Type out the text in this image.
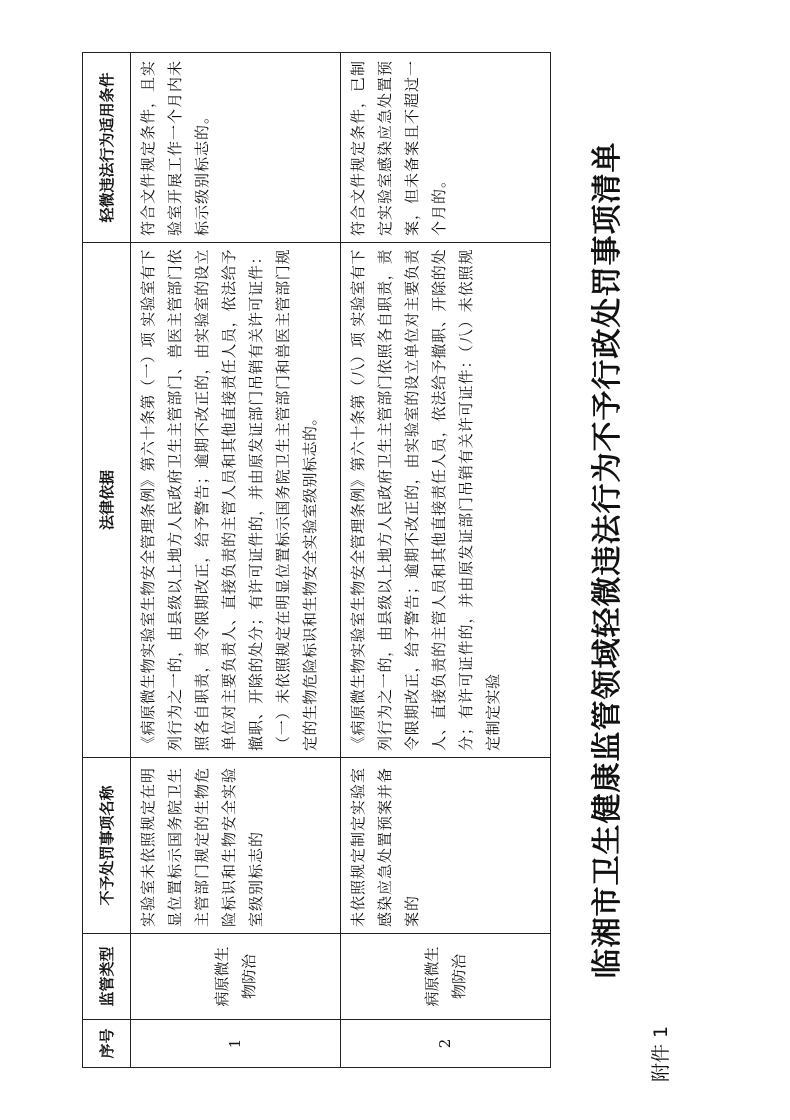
附件 1
临湘市卫生健康监管领域轻微违法行为不予行政处罚事项清单
序号	监管类型	不予处罚事项名称	法律依据	轻微违法行为适用条件
1	病原微生物防治	实验室未依照规定在明显位置标示国务院卫生主管部门规定的生物危险标识和生物安全实验室级别标志的	《病原微生物实验室生物安全管理条例》第六十条第（一）项 实验室有下列行为之一的，由县级以上地方人民政府卫生主管部门、兽医主管部门依照各自职责，责令限期改正，给予警告；逾期不改正的，由实验室的设立单位对主要负责人、直接负责的主管人员和其他直接责任人员，依法给予撤职、开除的处分；有许可证件的，并由原发证部门吊销有关许可证件：（一）未依照规定在明显位置标示国务院卫生主管部门和兽医主管部门规定的生物危险标识和生物安全实验室级别标志的。	符合文件规定条件，且实验室开展工作一个月内未标示级别标志的。
2	病原微生物防治	未依照规定制定实验室感染应急处置预案并备案的	《病原微生物实验室生物安全管理条例》第六十条第（八）项 实验室有下列行为之一的，由县级以上地方人民政府卫生主管部门依照各自职责，责令限期改正，给予警告；逾期不改正的，由实验室的设立单位对主要负责人、直接负责的主管人员和其他直接责任人员，依法给予撤职、开除的处分；有许可证件的，并由原发证部门吊销有关许可证件：（八）未依照规定制定实验	符合文件规定条件，已制定实验室感染应急处置预案，但未备案且不超过一个月的。
